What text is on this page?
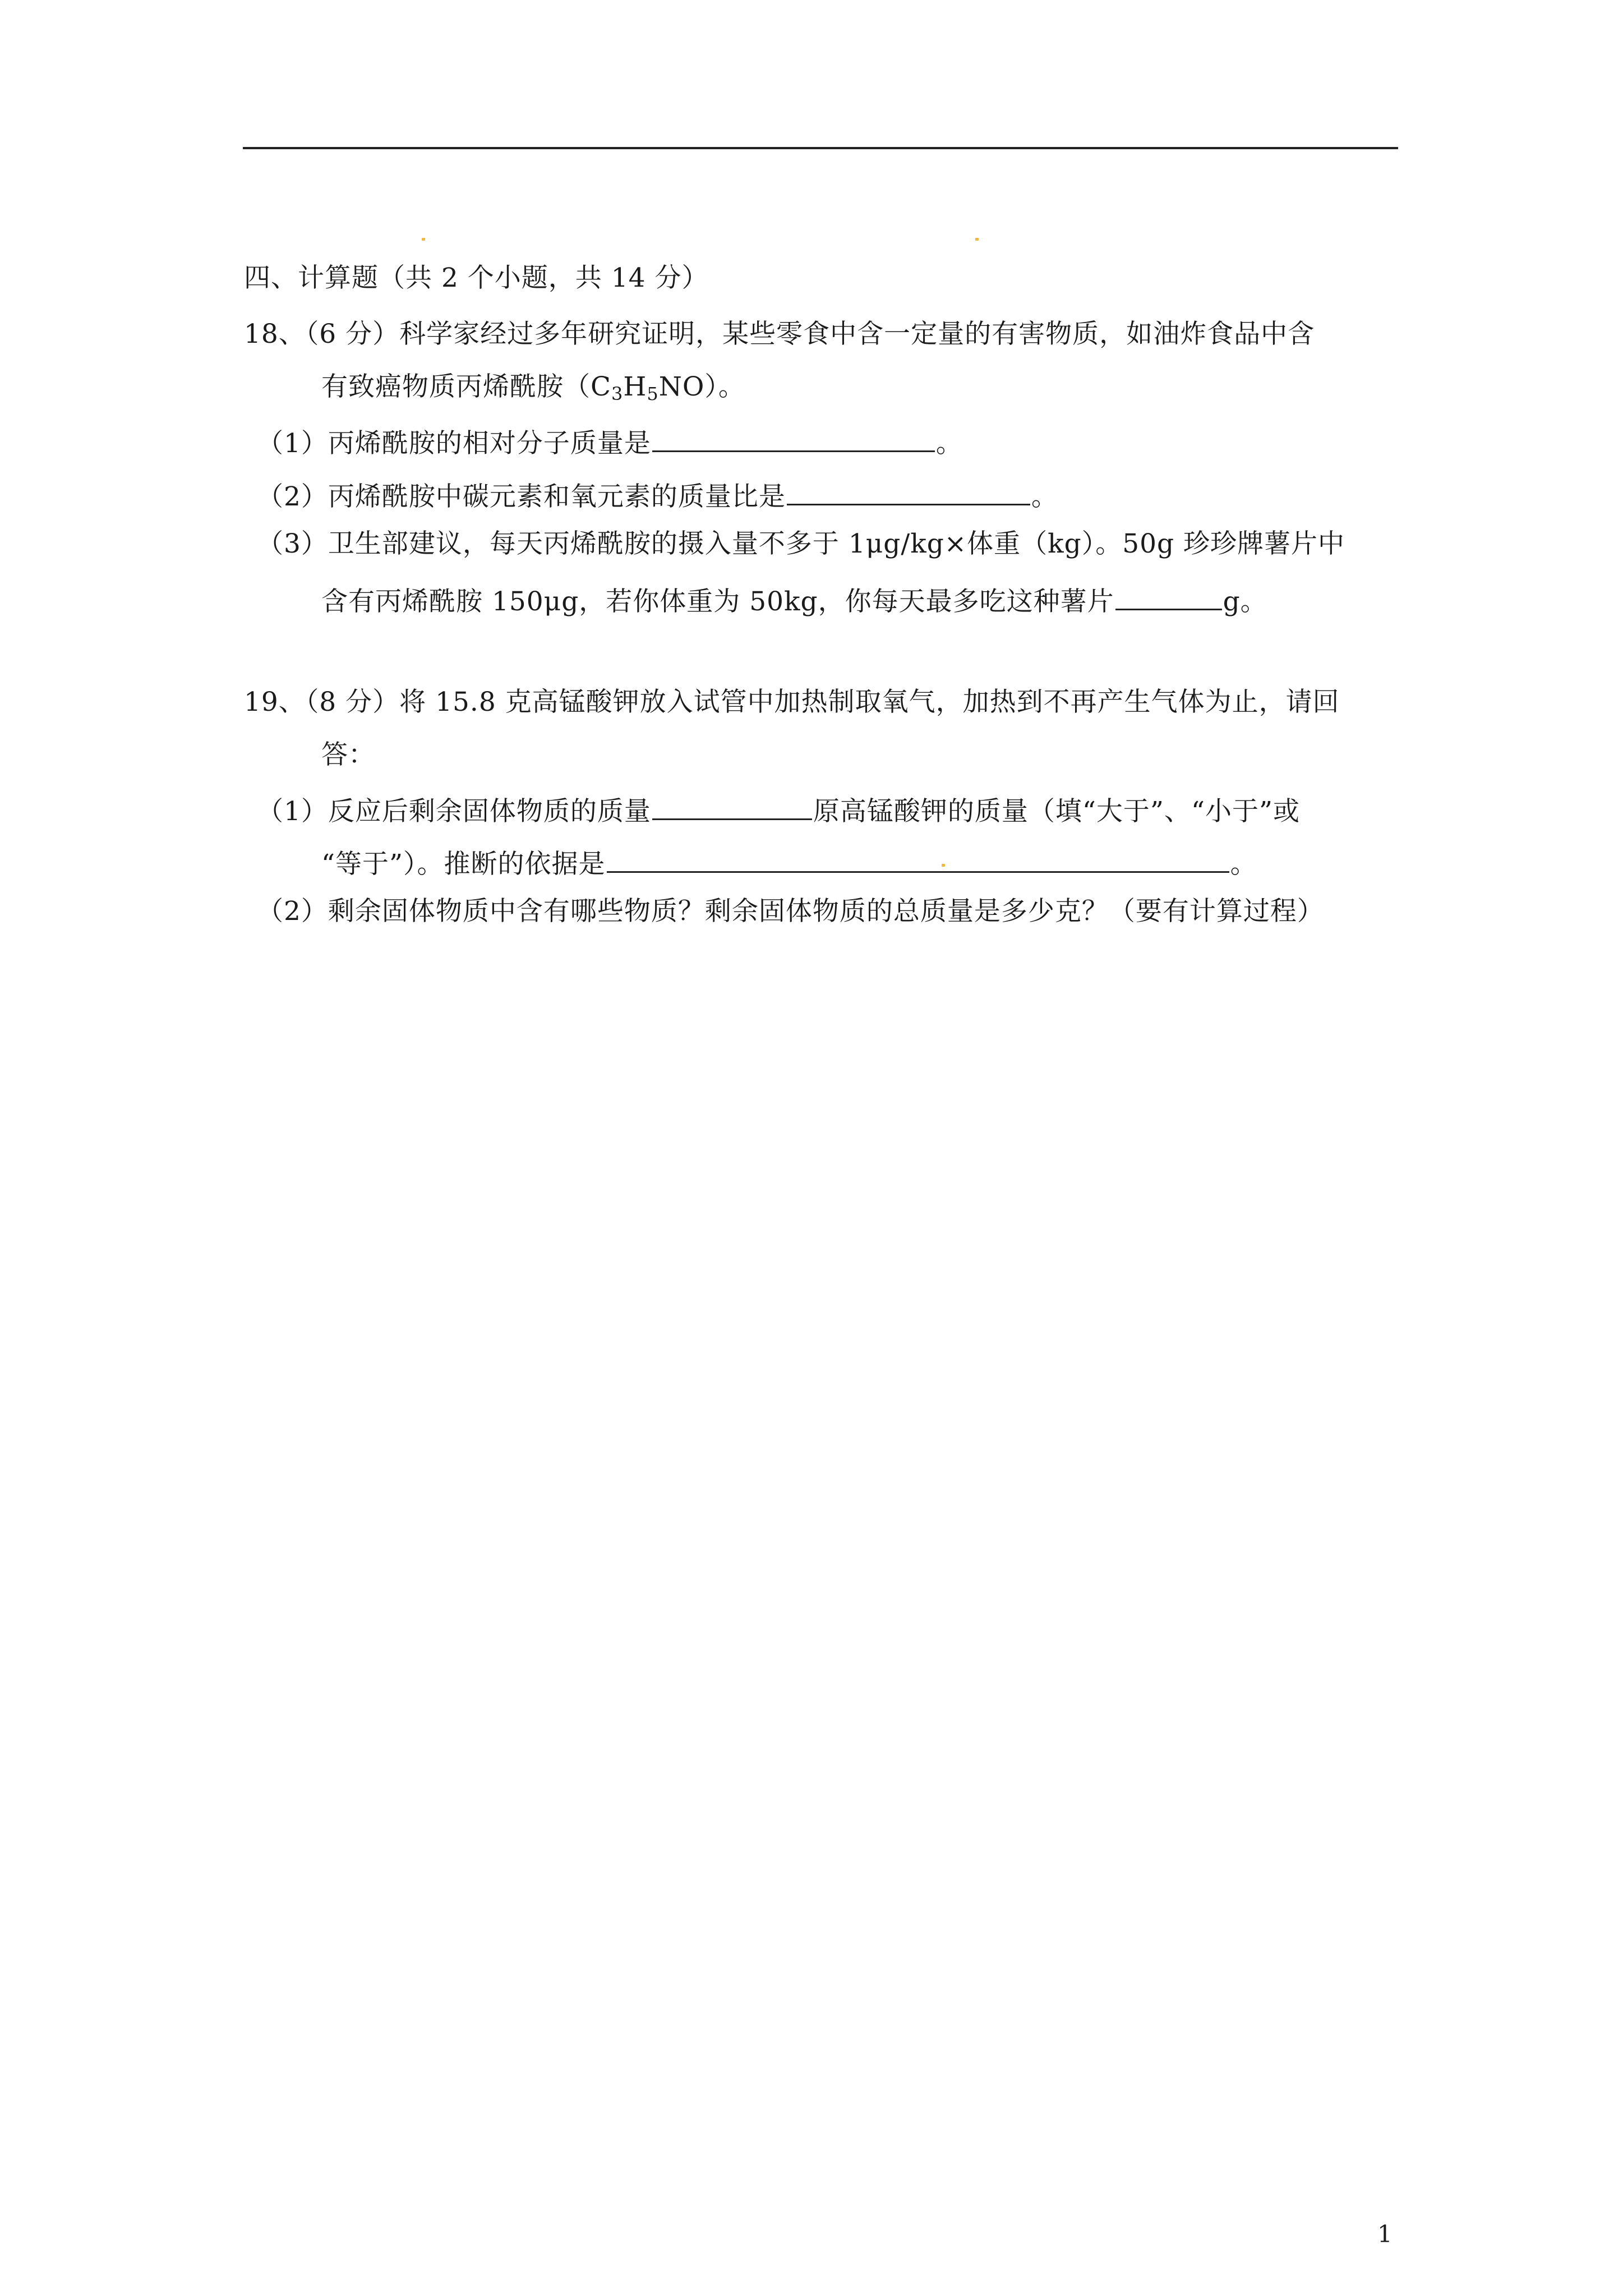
四、计算题（共 2 个小题，共 14 分）
18、（6 分）科学家经过多年研究证明，某些零食中含一定量的有害物质，如油炸食品中含
有致癌物质丙烯酰胺$(C_3H_5NO)$。
（1）丙烯酰胺的相对分子质量是	。
（2）丙烯酰胺中碳元素和氧元素的质量比是	。
（3）卫生部建议，每天丙烯酰胺的摄入量不多于 1μg/kg×体重（kg）。50g 珍珍牌薯片中
含有丙烯酰胺 150μg，若你体重为 50kg，你每天最多吃这种薯片	g。
19、（8 分）将 15.8 克高锰酸钾放入试管中加热制取氧气，加热到不再产生气体为止，请回
答：
（1）反应后剩余固体物质的质量	原高锰酸钾的质量（填“大于”、“小于”或
“等于”）。推断的依据是	。
（2）剩余固体物质中含有哪些物质？剩余固体物质的总质量是多少克？（要有计算过程）
1
